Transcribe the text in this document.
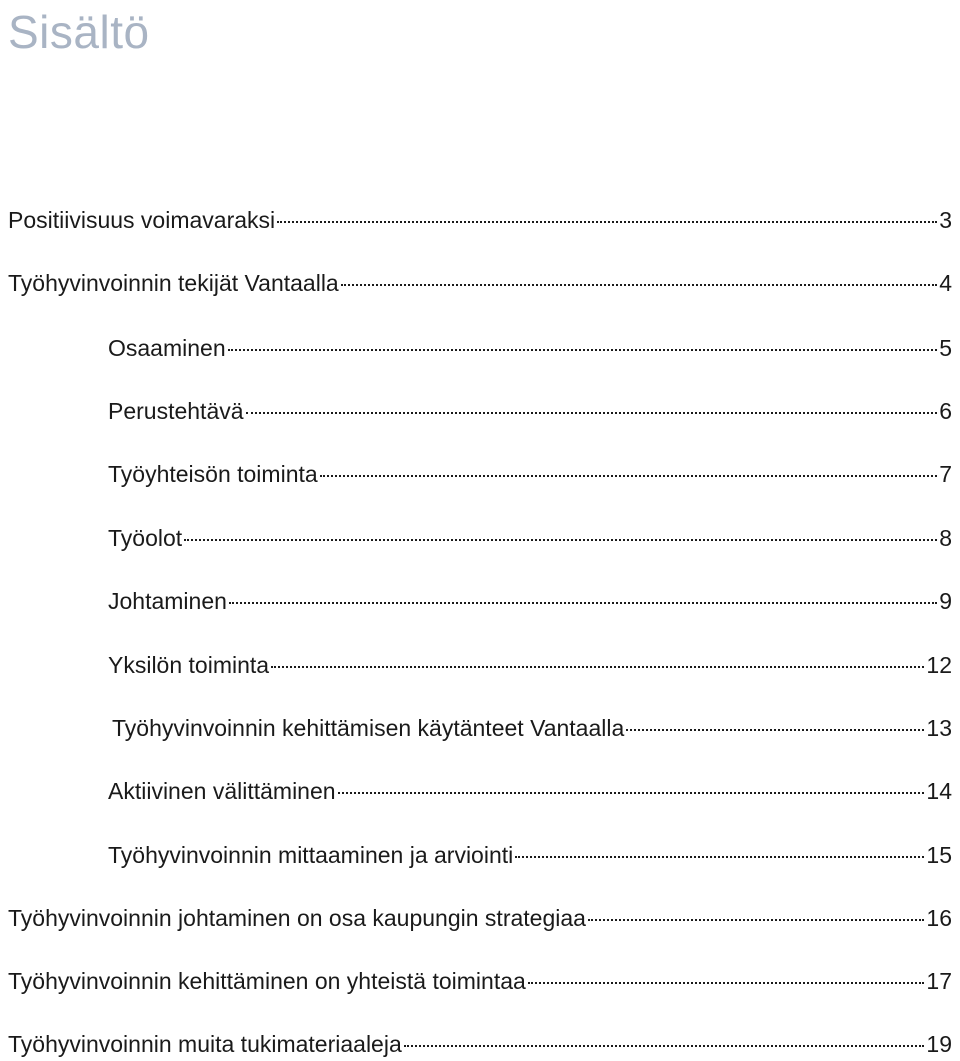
Sisältö
Positiivisuus voimavaraksi	3
Työhyvinvoinnin tekijät Vantaalla	4
Osaaminen	5
Perustehtävä	6
Työyhteisön toiminta	7
Työolot	8
Johtaminen	9
Yksilön toiminta	12
Työhyvinvoinnin kehittämisen käytänteet Vantaalla	13
Aktiivinen välittäminen	14
Työhyvinvoinnin mittaaminen ja arviointi	15
Työhyvinvoinnin johtaminen on osa kaupungin strategiaa	16
Työhyvinvoinnin kehittäminen on yhteistä toimintaa	17
Työhyvinvoinnin muita tukimateriaaleja	19
